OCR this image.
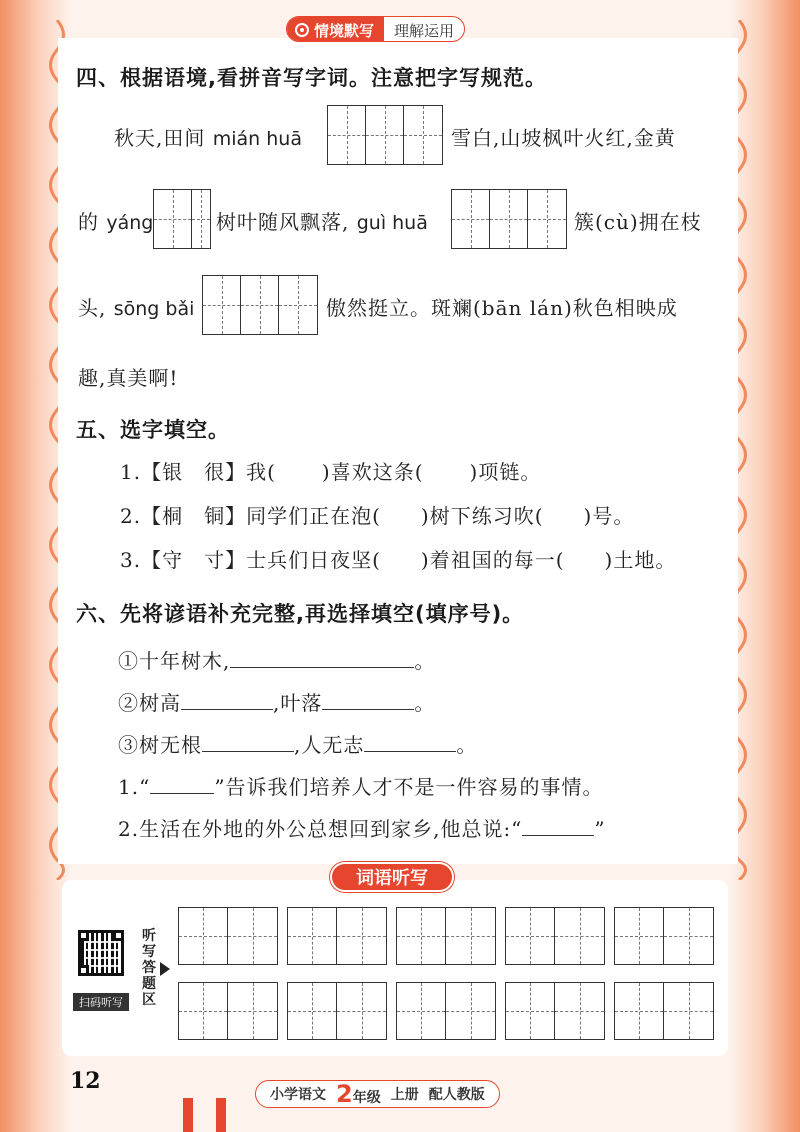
情境默写	理解运用
四、根据语境,看拼音写字词。注意把字写规范。
秋天,田间 mián huā	雪白,山坡枫叶火红,金黄
的 yáng	树叶随风飘落, guì huā	簇(cù)拥在枝
头, sōng bǎi	傲然挺立。斑斓(bān lán)秋色相映成
趣,真美啊!
五、选字填空。
1.【银　很】我( )喜欢这条( )项链。
2.【桐　铜】同学们正在泡( )树下练习吹( )号。
3.【守　寸】士兵们日夜坚( )着祖国的每一( )土地。
六、先将谚语补充完整,再选择填空(填序号)。
①十年树木,	。
②树高	,叶落	。
③树无根	,人无志	。
1.“	”告诉我们培养人才不是一件容易的事情。
2.生活在外地的外公总想回到家乡,他总说:“	”
词语听写
扫码听写
听写答题区
12
小学语文 2年级 上册 配人教版
